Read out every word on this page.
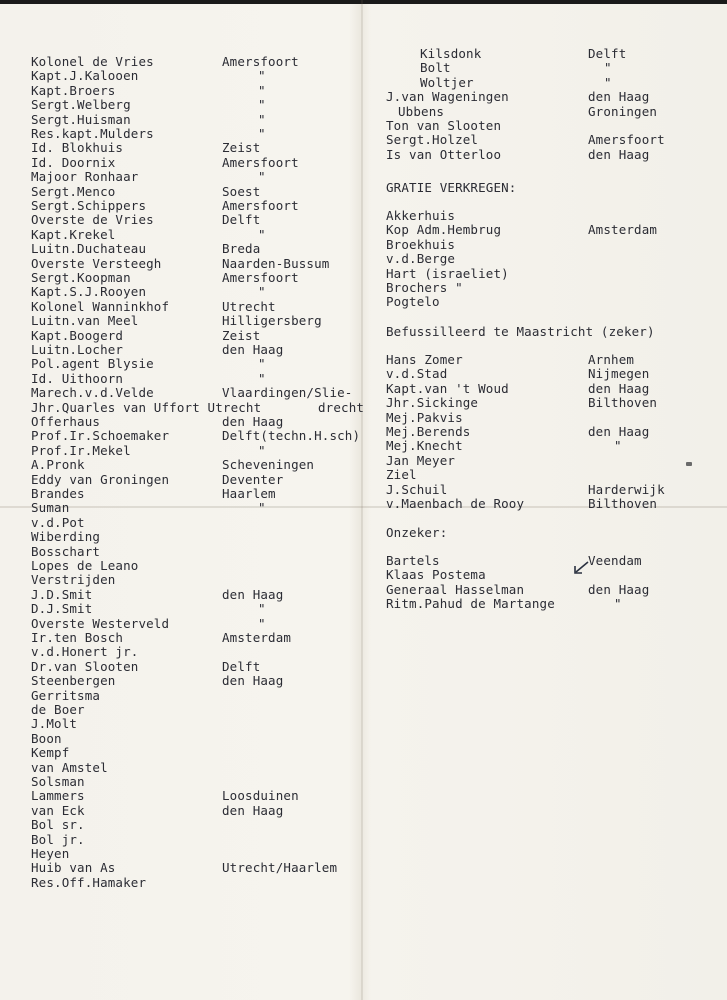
Kolonel de Vries	Amersfoort
Kapt.J.Kalooen	"
Kapt.Broers	"
Sergt.Welberg	"
Sergt.Huisman	"
Res.kapt.Mulders	"
Id. Blokhuis	Zeist
Id. Doornix	Amersfoort
Majoor Ronhaar	"
Sergt.Menco	Soest
Sergt.Schippers	Amersfoort
Overste de Vries	Delft
Kapt.Krekel	"
Luitn.Duchateau	Breda
Overste Versteegh	Naarden-Bussum
Sergt.Koopman	Amersfoort
Kapt.S.J.Rooyen	"
Kolonel Wanninkhof	Utrecht
Luitn.van Meel	Hilligersberg
Kapt.Boogerd	Zeist
Luitn.Locher	den Haag
Pol.agent Blysie	"
Id. Uithoorn	"
Marech.v.d.Velde	Vlaardingen/Slie-
Jhr.Quarles van Uffort Utrecht	drecht
Offerhaus	den Haag
Prof.Ir.Schoemaker	Delft(techn.H.sch)
Prof.Ir.Mekel	"
A.Pronk	Scheveningen
Eddy van Groningen	Deventer
Brandes	Haarlem
Suman	"
v.d.Pot
Wiberding
Bosschart
Lopes de Leano
Verstrijden
J.D.Smit	den Haag
D.J.Smit	"
Overste Westerveld	"
Ir.ten Bosch	Amsterdam
v.d.Honert jr.
Dr.van Slooten	Delft
Steenbergen	den Haag
Gerritsma
de Boer
J.Molt
Boon
Kempf
van Amstel
Solsman
Lammers	Loosduinen
van Eck	den Haag
Bol sr.
Bol jr.
Heyen
Huib van As	Utrecht/Haarlem
Res.Off.Hamaker
Kilsdonk	Delft
Bolt	"
Woltjer	"
J.van Wageningen	den Haag
Ubbens	Groningen
Ton van Slooten
Sergt.Holzel	Amersfoort
Is van Otterloo	den Haag
GRATIE VERKREGEN:
Akkerhuis
Kop Adm.Hembrug	Amsterdam
Broekhuis
v.d.Berge
Hart (israeliet)
Brochers "
Pogtelo
Befussilleerd te Maastricht (zeker)
Hans Zomer	Arnhem
v.d.Stad	Nijmegen
Kapt.van 't Woud	den Haag
Jhr.Sickinge	Bilthoven
Mej.Pakvis
Mej.Berends	den Haag
Mej.Knecht	"
Jan Meyer
Ziel
J.Schuil	Harderwijk
v.Maenbach de Rooy	Bilthoven
Onzeker:
Bartels	Veendam
Klaas Postema
Generaal Hasselman	den Haag
Ritm.Pahud de Martange	"
